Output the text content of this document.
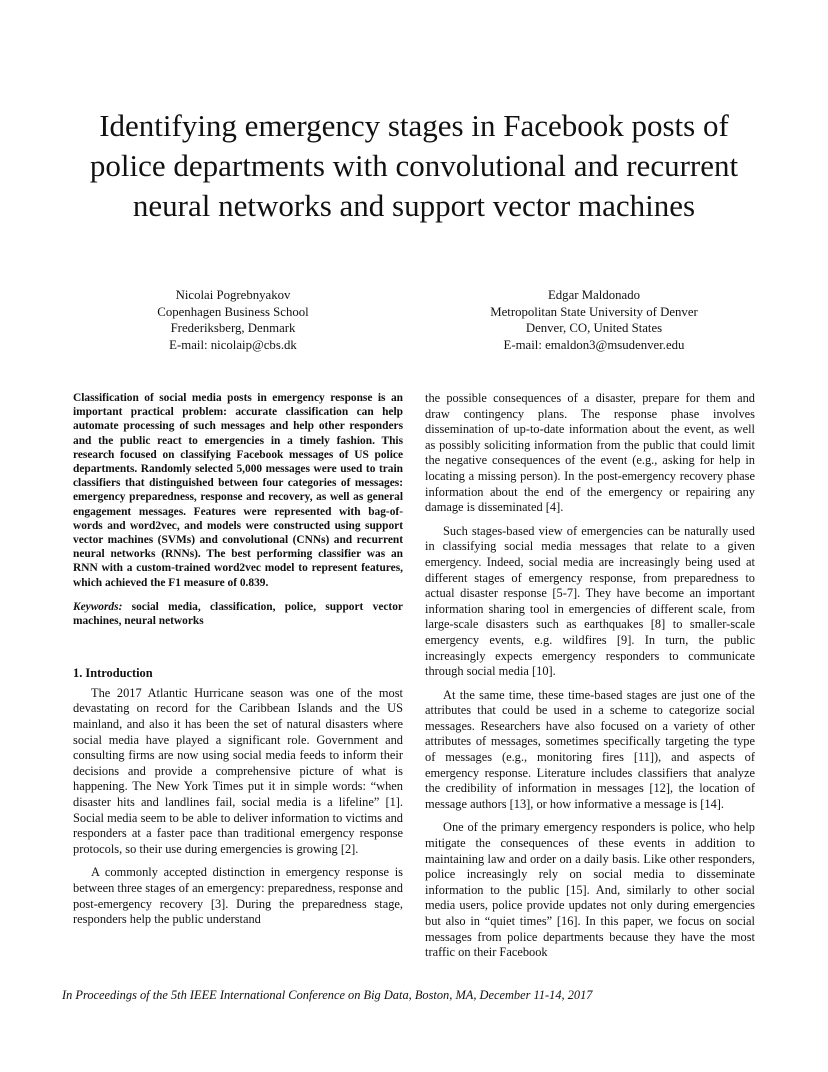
Identifying emergency stages in Facebook posts of police departments with convolutional and recurrent neural networks and support vector machines
Nicolai Pogrebnyakov
Copenhagen Business School
Frederiksberg, Denmark
E-mail: nicolaip@cbs.dk
Edgar Maldonado
Metropolitan State University of Denver
Denver, CO, United States
E-mail: emaldon3@msudenver.edu

Classification of social media posts in emergency response is an important practical problem: accurate classification can help automate processing of such messages and help other responders and the public react to emergencies in a timely fashion. This research focused on classifying Facebook messages of US police departments. Randomly selected 5,000 messages were used to train classifiers that distinguished between four categories of messages: emergency preparedness, response and recovery, as well as general engagement messages. Features were represented with bag-of-words and word2vec, and models were constructed using support vector machines (SVMs) and convolutional (CNNs) and recurrent neural networks (RNNs). The best performing classifier was an RNN with a custom-trained word2vec model to represent features, which achieved the F1 measure of 0.839.

Keywords: social media, classification, police, support vector machines, neural networks

1. Introduction

The 2017 Atlantic Hurricane season was one of the most devastating on record for the Caribbean Islands and the US mainland, and also it has been the set of natural disasters where social media have played a significant role. Government and consulting firms are now using social media feeds to inform their decisions and provide a comprehensive picture of what is happening. The New York Times put it in simple words: “when disaster hits and landlines fail, social media is a lifeline” [1]. Social media seem to be able to deliver information to victims and responders at a faster pace than traditional emergency response protocols, so their use during emergencies is growing [2].

A commonly accepted distinction in emergency response is between three stages of an emergency: preparedness, response and post-emergency recovery [3]. During the preparedness stage, responders help the public understand

the possible consequences of a disaster, prepare for them and draw contingency plans. The response phase involves dissemination of up-to-date information about the event, as well as possibly soliciting information from the public that could limit the negative consequences of the event (e.g., asking for help in locating a missing person). In the post-emergency recovery phase information about the end of the emergency or repairing any damage is disseminated [4].

Such stages-based view of emergencies can be naturally used in classifying social media messages that relate to a given emergency. Indeed, social media are increasingly being used at different stages of emergency response, from preparedness to actual disaster response [5-7]. They have become an important information sharing tool in emergencies of different scale, from large-scale disasters such as earthquakes [8] to smaller-scale emergency events, e.g. wildfires [9]. In turn, the public increasingly expects emergency responders to communicate through social media [10].

At the same time, these time-based stages are just one of the attributes that could be used in a scheme to categorize social messages. Researchers have also focused on a variety of other attributes of messages, sometimes specifically targeting the type of messages (e.g., monitoring fires [11]), and aspects of emergency response. Literature includes classifiers that analyze the credibility of information in messages [12], the location of message authors [13], or how informative a message is [14].

One of the primary emergency responders is police, who help mitigate the consequences of these events in addition to maintaining law and order on a daily basis. Like other responders, police increasingly rely on social media to disseminate information to the public [15]. And, similarly to other social media users, police provide updates not only during emergencies but also in “quiet times” [16]. In this paper, we focus on social messages from police departments because they have the most traffic on their Facebook

In Proceedings of the 5th IEEE International Conference on Big Data, Boston, MA, December 11-14, 2017
